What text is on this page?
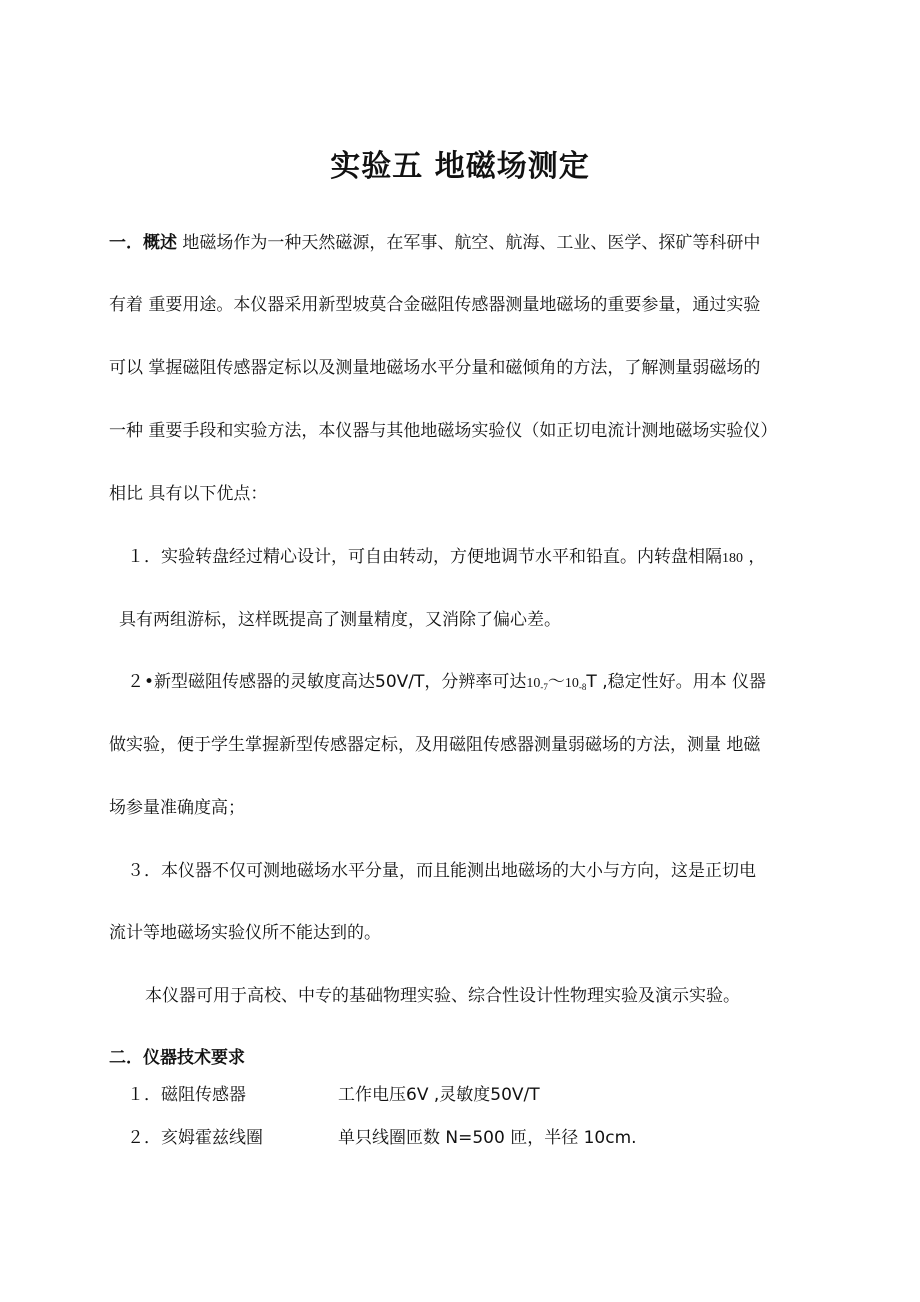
实验五 地磁场测定
一．概述 地磁场作为一种天然磁源，在军事、航空、航海、工业、医学、探矿等科研中
有着 重要用途。本仪器采用新型坡莫合金磁阻传感器测量地磁场的重要参量，通过实验
可以 掌握磁阻传感器定标以及测量地磁场水平分量和磁倾角的方法，了解测量弱磁场的
一种 重要手段和实验方法，本仪器与其他地磁场实验仪（如正切电流计测地磁场实验仪）
相比 具有以下优点：
１．实验转盘经过精心设计，可自由转动，方便地调节水平和铅直。内转盘相隔180 ，
具有两组游标，这样既提高了测量精度，又消除了偏心差。
２•新型磁阻传感器的灵敏度高达50V/T，分辨率可达$10_{-7}$〜$10_{-8}T$ ,稳定性好。用本 仪器
做实验，便于学生掌握新型传感器定标，及用磁阻传感器测量弱磁场的方法，测量 地磁
场参量准确度高；
３．本仪器不仅可测地磁场水平分量，而且能测出地磁场的大小与方向，这是正切电
流计等地磁场实验仪所不能达到的。
本仪器可用于高校、中专的基础物理实验、综合性设计性物理实验及演示实验。
二．仪器技术要求
１．磁阻传感器	工作电压6V ,灵敏度50V/T
２．亥姆霍兹线圈	单只线圈匝数 N=500 匝，半径 10cm.
